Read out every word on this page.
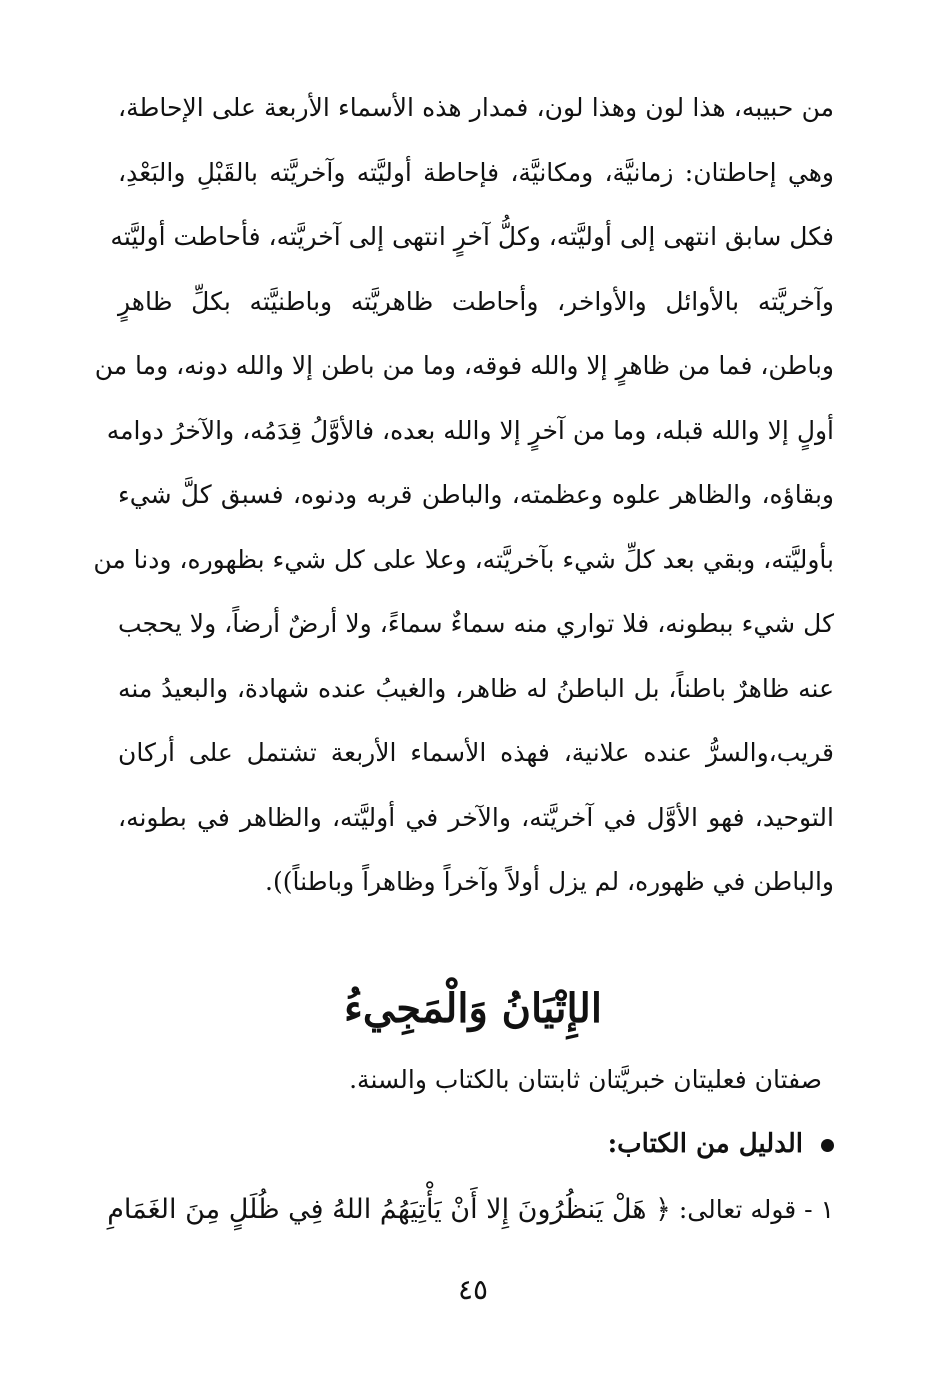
من حبيبه، هذا لون وهذا لون، فمدار هذه الأسماء الأربعة على الإحاطة،
وهي إحاطتان: زمانيَّة، ومكانيَّة، فإحاطة أوليَّته وآخريَّته بالقَبْلِ والبَعْدِ،
فكل سابق انتهى إلى أوليَّته، وكلُّ آخرٍ انتهى إلى آخريَّته، فأحاطت أوليَّته
وآخريَّته بالأوائل والأواخر، وأحاطت ظاهريَّته وباطنيَّته بكلِّ ظاهرٍ
وباطن، فما من ظاهرٍ إلا والله فوقه، وما من باطن إلا والله دونه، وما من
أولٍ إلا والله قبله، وما من آخرٍ إلا والله بعده، فالأوَّلُ قِدَمُه، والآخرُ دوامه
وبقاؤه، والظاهر علوه وعظمته، والباطن قربه ودنوه، فسبق كلَّ شيء
بأوليَّته، وبقي بعد كلِّ شيء بآخريَّته، وعلا على كل شيء بظهوره، ودنا من
كل شيء ببطونه، فلا تواري منه سماءٌ سماءً، ولا أرضٌ أرضاً، ولا يحجب
عنه ظاهرٌ باطناً، بل الباطنُ له ظاهر، والغيبُ عنده شهادة، والبعيدُ منه
قريب،والسرُّ عنده علانية، فهذه الأسماء الأربعة تشتمل على أركان
التوحيد، فهو الأوَّل في آخريَّته، والآخر في أوليَّته، والظاهر في بطونه،
والباطن في ظهوره، لم يزل أولاً وآخراً وظاهراً وباطناً)).
الإِتْيَانُ وَالْمَجِيءُ
صفتان فعليتان خبريَّتان ثابتتان بالكتاب والسنة.
الدليل من الكتاب:
١ - قوله تعالى: ﴿ هَلْ يَنظُرُونَ إِلا أَنْ يَأْتِيَهُمُ اللهُ فِي ظُلَلٍ مِنَ الغَمَامِ
٤٥
